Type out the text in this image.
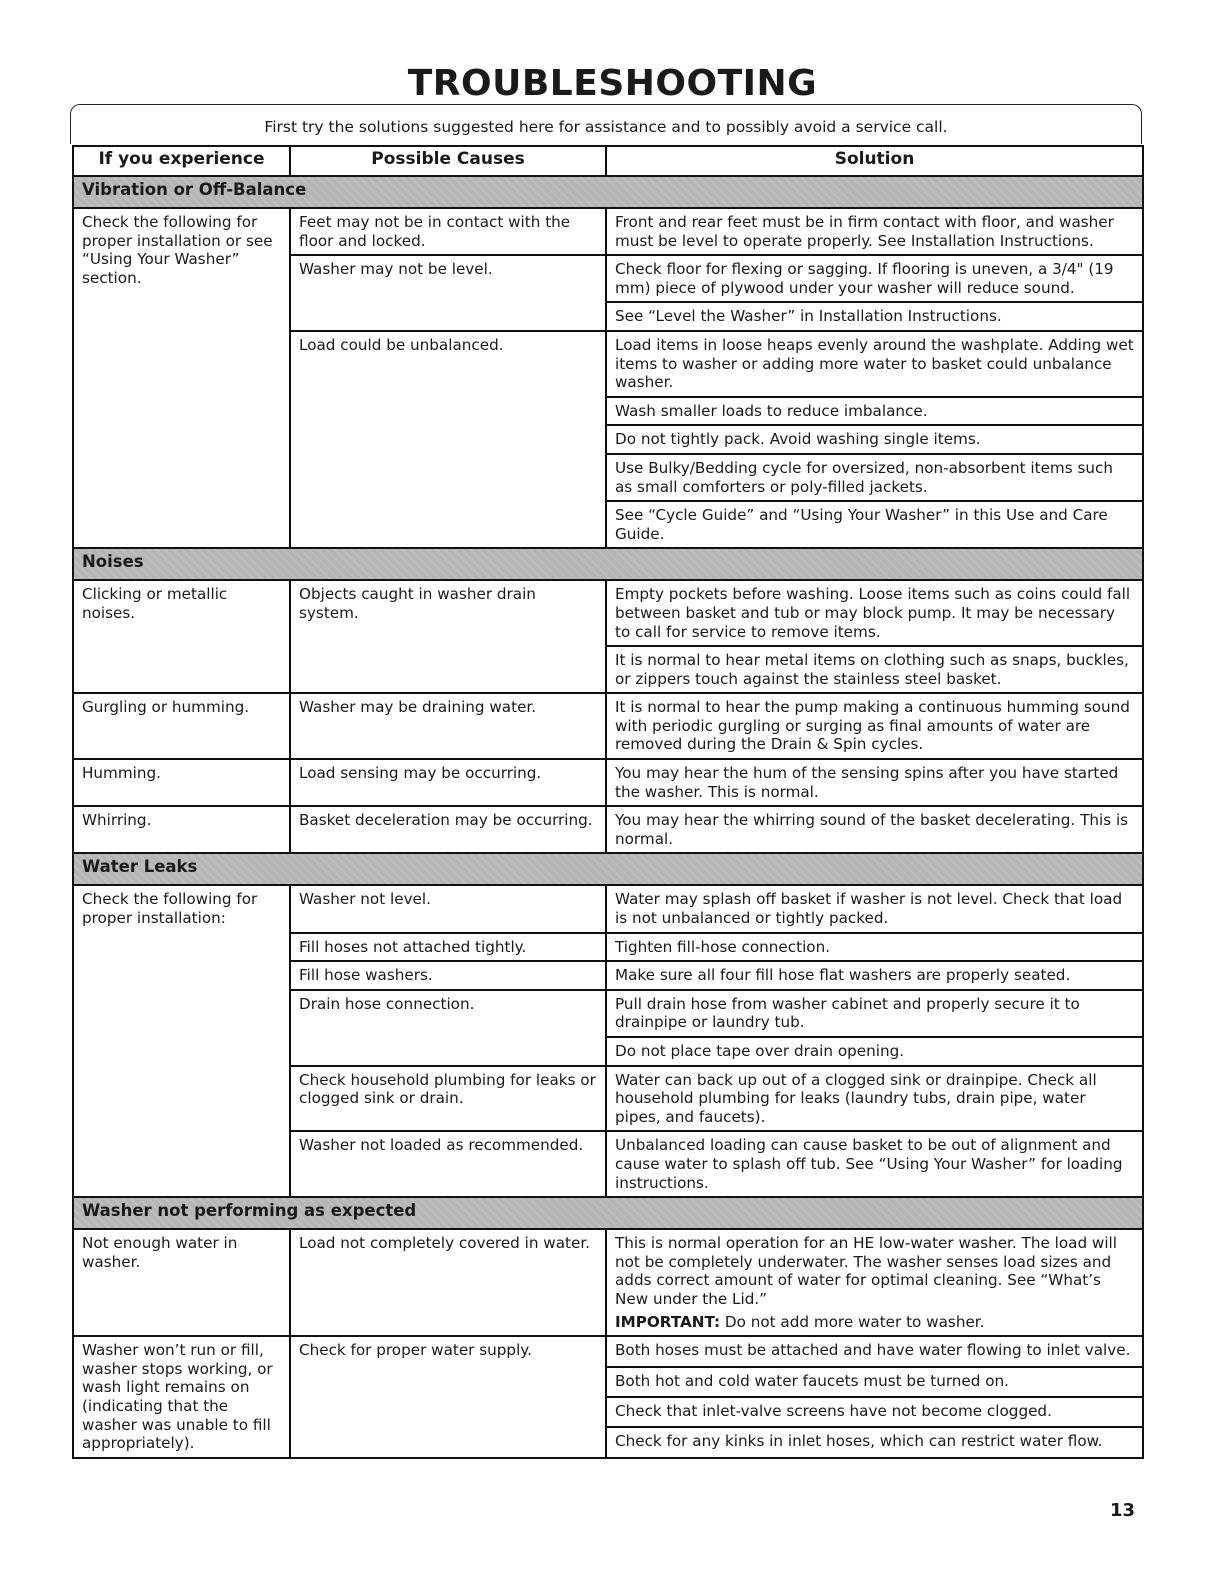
TROUBLESHOOTING
First try the solutions suggested here for assistance and to possibly avoid a service call.
If you experience	Possible Causes	Solution
Vibration or Off-Balance		
Check the following for proper installation or see “Using Your Washer” section.	Feet may not be in contact with the floor and locked.	Front and rear feet must be in firm contact with floor, and washer must be level to operate properly. See Installation Instructions.

	Washer may not be level.	Check floor for flexing or sagging. If flooring is uneven, a 3/4" (19 mm) piece of plywood under your washer will reduce sound.

		See “Level the Washer” in Installation Instructions.

	Load could be unbalanced.	Load items in loose heaps evenly around the washplate. Adding wet items to washer or adding more water to basket could unbalance washer.

		Wash smaller loads to reduce imbalance.

		Do not tightly pack. Avoid washing single items.

		Use Bulky/Bedding cycle for oversized, non-absorbent items such as small comforters or poly-filled jackets.

		See “Cycle Guide” and “Using Your Washer” in this Use and Care Guide.

Noises		
Clicking or metallic noises.	Objects caught in washer drain system.	Empty pockets before washing. Loose items such as coins could fall between basket and tub or may block pump. It may be necessary to call for service to remove items.

		It is normal to hear metal items on clothing such as snaps, buckles, or zippers touch against the stainless steel basket.

Gurgling or humming.	Washer may be draining water.	It is normal to hear the pump making a continuous humming sound with periodic gurgling or surging as final amounts of water are removed during the Drain & Spin cycles.

Humming.	Load sensing may be occurring.	You may hear the hum of the sensing spins after you have started the washer. This is normal.

Whirring.	Basket deceleration may be occurring.	You may hear the whirring sound of the basket decelerating. This is normal.

Water Leaks		
Check the following for proper installation:	Washer not level.	Water may splash off basket if washer is not level. Check that load is not unbalanced or tightly packed.

	Fill hoses not attached tightly.	Tighten fill-hose connection.

	Fill hose washers.	Make sure all four fill hose flat washers are properly seated.

	Drain hose connection.	Pull drain hose from washer cabinet and properly secure it to drainpipe or laundry tub.

		Do not place tape over drain opening.

	Check household plumbing for leaks or clogged sink or drain.	Water can back up out of a clogged sink or drainpipe. Check all household plumbing for leaks (laundry tubs, drain pipe, water pipes, and faucets).

	Washer not loaded as recommended.	Unbalanced loading can cause basket to be out of alignment and cause water to splash off tub. See “Using Your Washer” for loading instructions.

Washer not performing as expected		
Not enough water in washer.	Load not completely covered in water.	This is normal operation for an HE low-water washer. The load will not be completely underwater. The washer senses load sizes and adds correct amount of water for optimal cleaning. See “What’s New under the Lid.”
IMPORTANT: Do not add more water to washer.

Washer won’t run or fill, washer stops working, or wash light remains on (indicating that the washer was unable to fill appropriately).	Check for proper water supply.	Both hoses must be attached and have water flowing to inlet valve.

		Both hot and cold water faucets must be turned on.

		Check that inlet-valve screens have not become clogged.

		Check for any kinks in inlet hoses, which can restrict water flow.
13
